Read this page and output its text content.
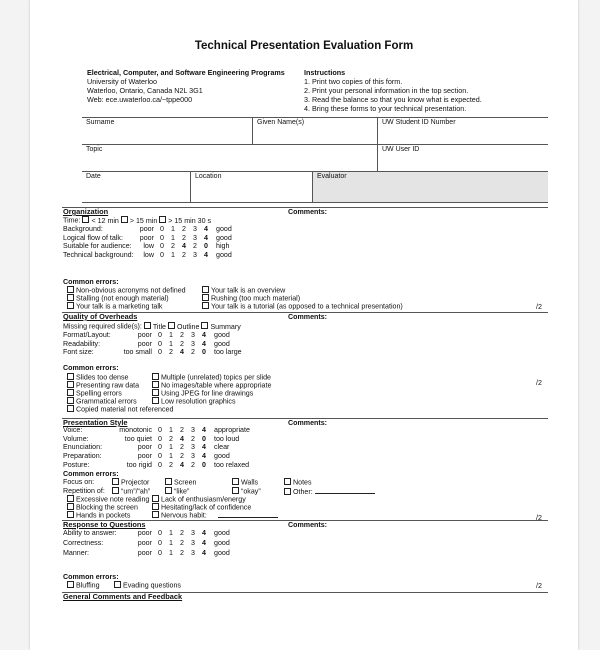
Technical Presentation Evaluation Form
Electrical, Computer, and Software Engineering Programs
University of Waterloo
Waterloo, Ontario, Canada N2L 3G1
Web: ece.uwaterloo.ca/~tppe000
Instructions
1. Print two copies of this form.
2. Print your personal information in the top section.
3. Read the balance so that you know what is expected.
4. Bring these forms to your technical presentation.
Surname	Given Name(s)	UW Student ID Number
Topic	UW User ID
Date	Location	Evaluator
Organization	Comments:
Time: < 12 min > 15 min > 15 min 30 s
Background:	poor 0 1 2 3 4 good
Logical flow of talk:	poor 0 1 2 3 4 good
Suitable for audience:	low 0 2 4 2 0 high
Technical background:	low 0 1 2 3 4 good
Common errors:
Non-obvious acronyms not defined
Stalling (not enough material)
Your talk is a marketing talk
Your talk is an overview
Rushing (too much material)
Your talk is a tutorial (as opposed to a technical presentation)	/2
Quality of Overheads	Comments:
Missing required slide(s): Title Outline Summary
Format/Layout:	poor 0 1 2 3 4 good
Readability:	poor 0 1 2 3 4 good
Font size:	too small 0 2 4 2 0 too large
Common errors:
Slides too dense
Presenting raw data
Spelling errors
Grammatical errors
Copied material not referenced
Multiple (unrelated) topics per slide
No images/table where appropriate
Using JPEG for line drawings
Low resolution graphics
/2
Presentation Style	Comments:
Voice:	monotonic 0 1 2 3 4 appropriate
Volume:	too quiet 0 2 4 2 0 too loud
Enunciation:	poor 0 1 2 3 4 clear
Preparation:	poor 0 1 2 3 4 good
Posture:	too rigid 0 2 4 2 0 too relaxed
Common errors:
Focus on:	Projector	Screen	Walls	Notes
Repetition of:	“um”/“ah”	“like”	“okay”	Other:
Excessive note reading
Blocking the screen
Hands in pockets
Lack of enthusiasm/energy
Hesitating/lack of confidence
Nervous habit:	/2
Response to Questions	Comments:
Ability to answer:	poor 0 1 2 3 4 good
Correctness:	poor 0 1 2 3 4 good
Manner:	poor 0 1 2 3 4 good
Common errors:
Bluffing	Evading questions	/2
General Comments and Feedback
